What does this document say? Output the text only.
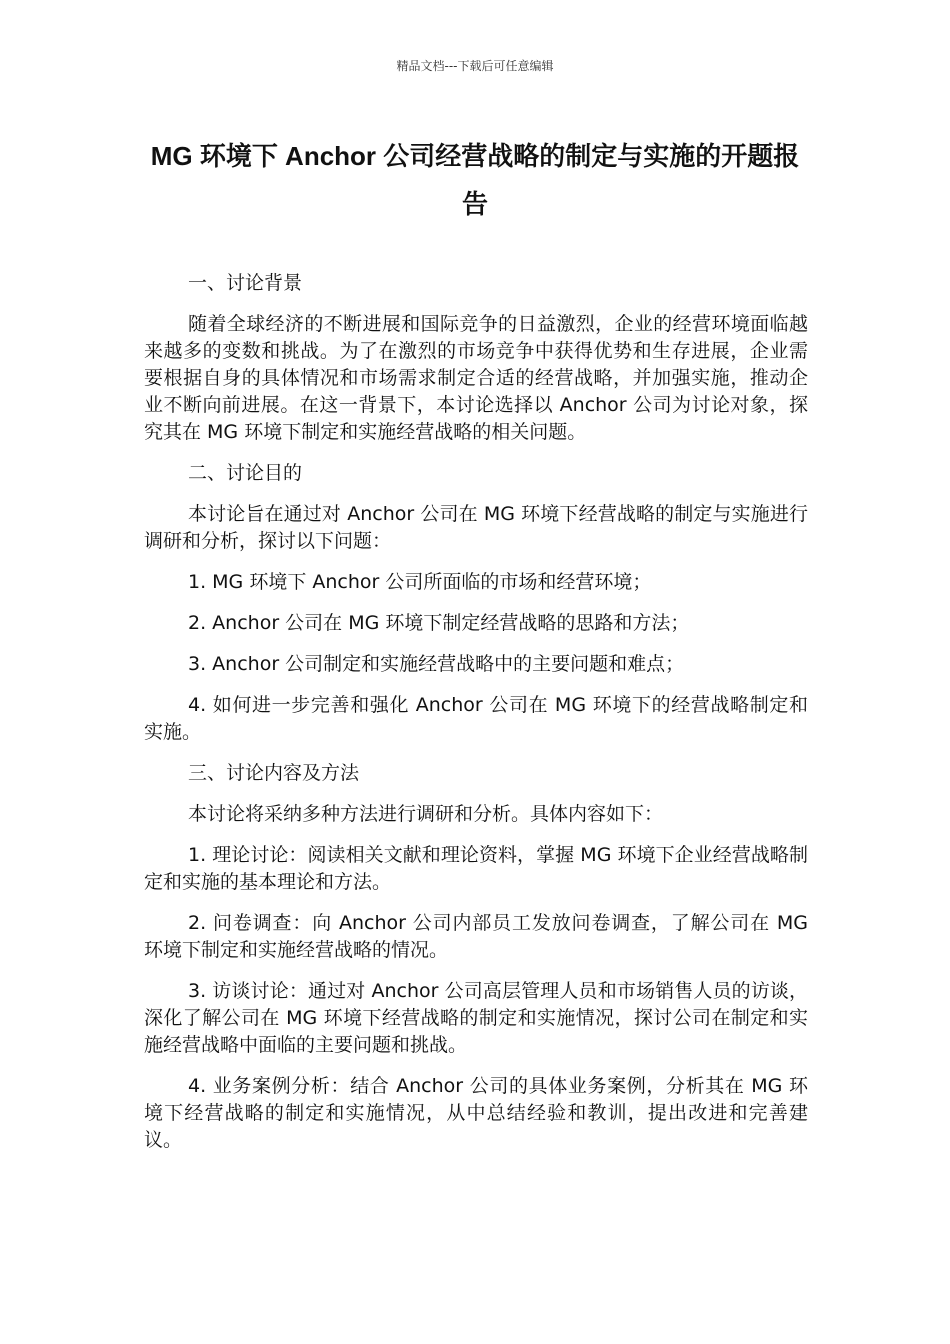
精品文档---下载后可任意编辑
MG 环境下 Anchor 公司经营战略的制定与实施的开题报告

一、讨论背景

随着全球经济的不断进展和国际竞争的日益激烈，企业的经营环境面临越来越多的变数和挑战。为了在激烈的市场竞争中获得优势和生存进展，企业需要根据自身的具体情况和市场需求制定合适的经营战略，并加强实施，推动企业不断向前进展。在这一背景下，本讨论选择以 Anchor 公司为讨论对象，探究其在 MG 环境下制定和实施经营战略的相关问题。

二、讨论目的

本讨论旨在通过对 Anchor 公司在 MG 环境下经营战略的制定与实施进行调研和分析，探讨以下问题：

1. MG 环境下 Anchor 公司所面临的市场和经营环境；

2. Anchor 公司在 MG 环境下制定经营战略的思路和方法；

3. Anchor 公司制定和实施经营战略中的主要问题和难点；

4. 如何进一步完善和强化 Anchor 公司在 MG 环境下的经营战略制定和实施。

三、讨论内容及方法

本讨论将采纳多种方法进行调研和分析。具体内容如下：

1. 理论讨论：阅读相关文献和理论资料，掌握 MG 环境下企业经营战略制定和实施的基本理论和方法。

2. 问卷调查：向 Anchor 公司内部员工发放问卷调查，了解公司在 MG 环境下制定和实施经营战略的情况。

3. 访谈讨论：通过对 Anchor 公司高层管理人员和市场销售人员的访谈，深化了解公司在 MG 环境下经营战略的制定和实施情况，探讨公司在制定和实施经营战略中面临的主要问题和挑战。

4. 业务案例分析：结合 Anchor 公司的具体业务案例，分析其在 MG 环境下经营战略的制定和实施情况，从中总结经验和教训，提出改进和完善建议。
